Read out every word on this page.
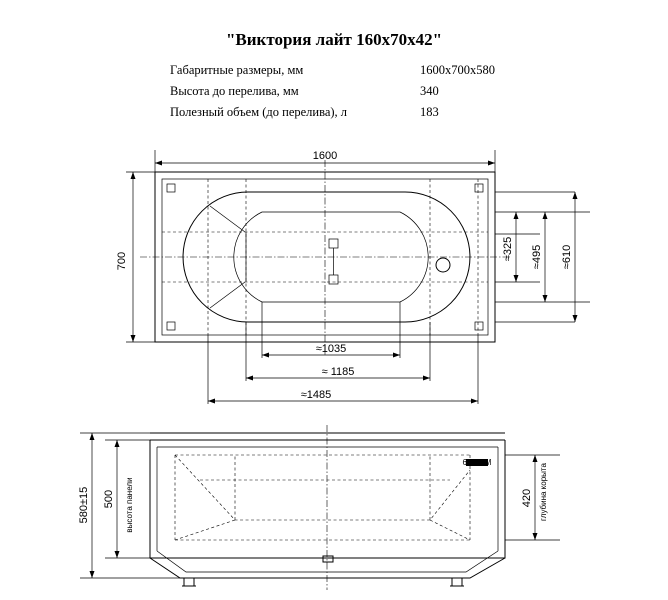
"Виктория лайт 160х70х42"
Габаритные размеры, мм	1600х700х580
Высота до перелива, мм	340
Полезный объем (до перелива), л	183
1600
700	≈325 ≈495 ≈610
≈1035
≈ 1185
≈1485
600 MM
580±15 500 высота панели	420 глубина корыта
